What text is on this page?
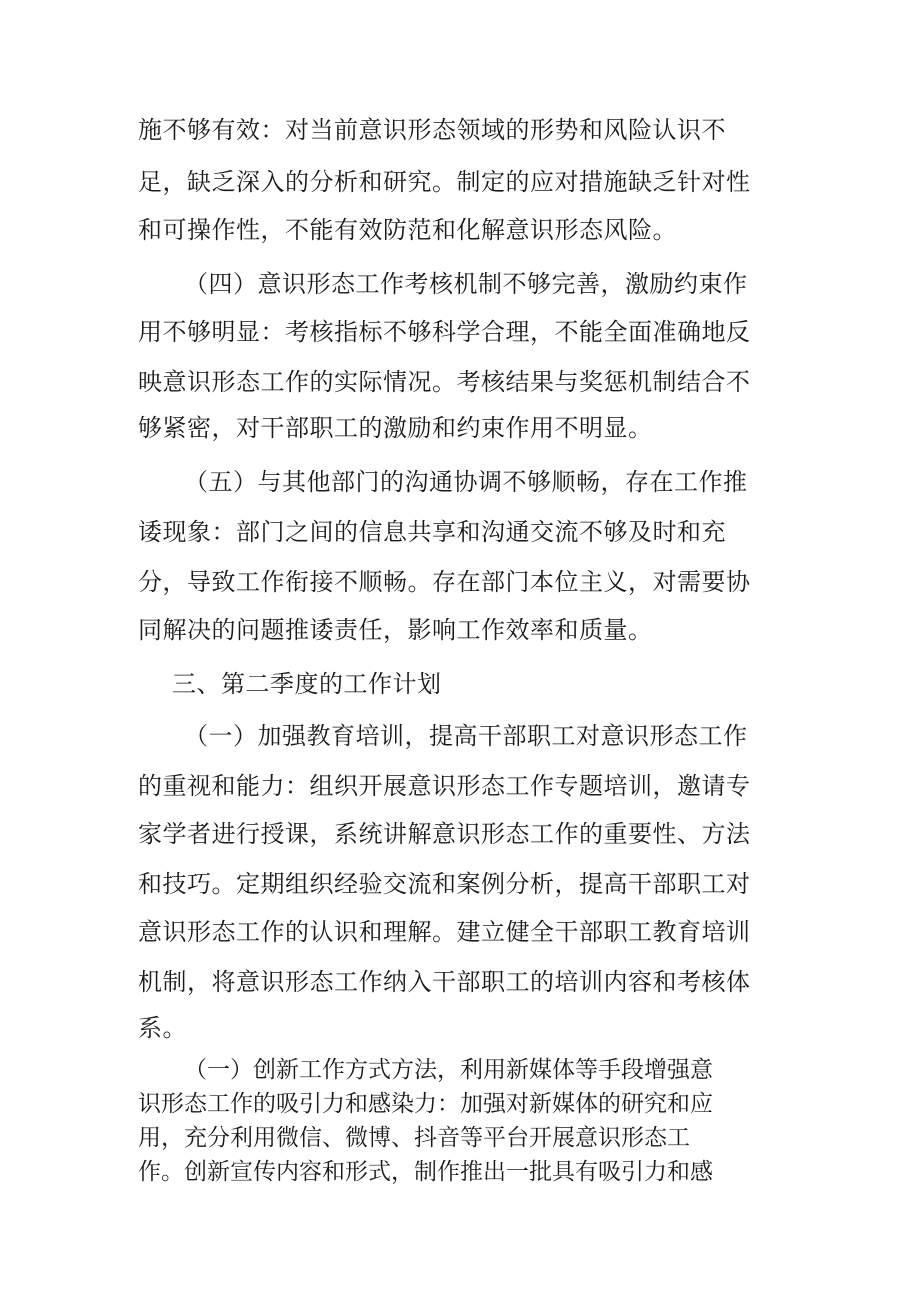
施不够有效：对当前意识形态领域的形势和风险认识不

足，缺乏深入的分析和研究。制定的应对措施缺乏针对性

和可操作性，不能有效防范和化解意识形态风险。

（四）意识形态工作考核机制不够完善，激励约束作

用不够明显：考核指标不够科学合理，不能全面准确地反

映意识形态工作的实际情况。考核结果与奖惩机制结合不

够紧密，对干部职工的激励和约束作用不明显。

（五）与其他部门的沟通协调不够顺畅，存在工作推

诿现象：部门之间的信息共享和沟通交流不够及时和充

分，导致工作衔接不顺畅。存在部门本位主义，对需要协

同解决的问题推诿责任，影响工作效率和质量。

三、第二季度的工作计划

（一）加强教育培训，提高干部职工对意识形态工作

的重视和能力：组织开展意识形态工作专题培训，邀请专

家学者进行授课，系统讲解意识形态工作的重要性、方法

和技巧。定期组织经验交流和案例分析，提高干部职工对

意识形态工作的认识和理解。建立健全干部职工教育培训

机制，将意识形态工作纳入干部职工的培训内容和考核体

系。

（一）创新工作方式方法，利用新媒体等手段增强意

识形态工作的吸引力和感染力：加强对新媒体的研究和应

用，充分利用微信、微博、抖音等平台开展意识形态工

作。创新宣传内容和形式，制作推出一批具有吸引力和感
